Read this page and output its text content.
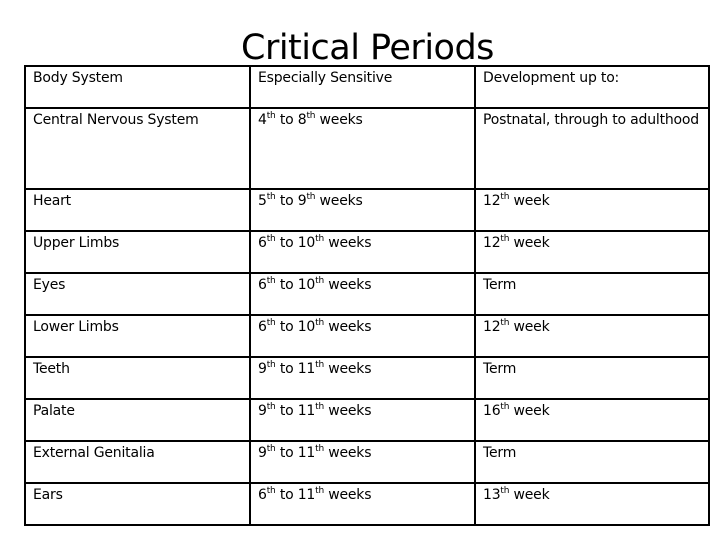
Critical Periods
Body System	Especially Sensitive	Development up to:
Central Nervous System	4th to 8th weeks	Postnatal, through to adulthood
Heart	5th to 9th weeks	12th week
Upper Limbs	6th to 10th weeks	12th week
Eyes	6th to 10th weeks	Term
Lower Limbs	6th to 10th weeks	12th week
Teeth	9th to 11th weeks	Term
Palate	9th to 11th weeks	16th week
External Genitalia	9th to 11th weeks	Term
Ears	6th to 11th weeks	13th week
